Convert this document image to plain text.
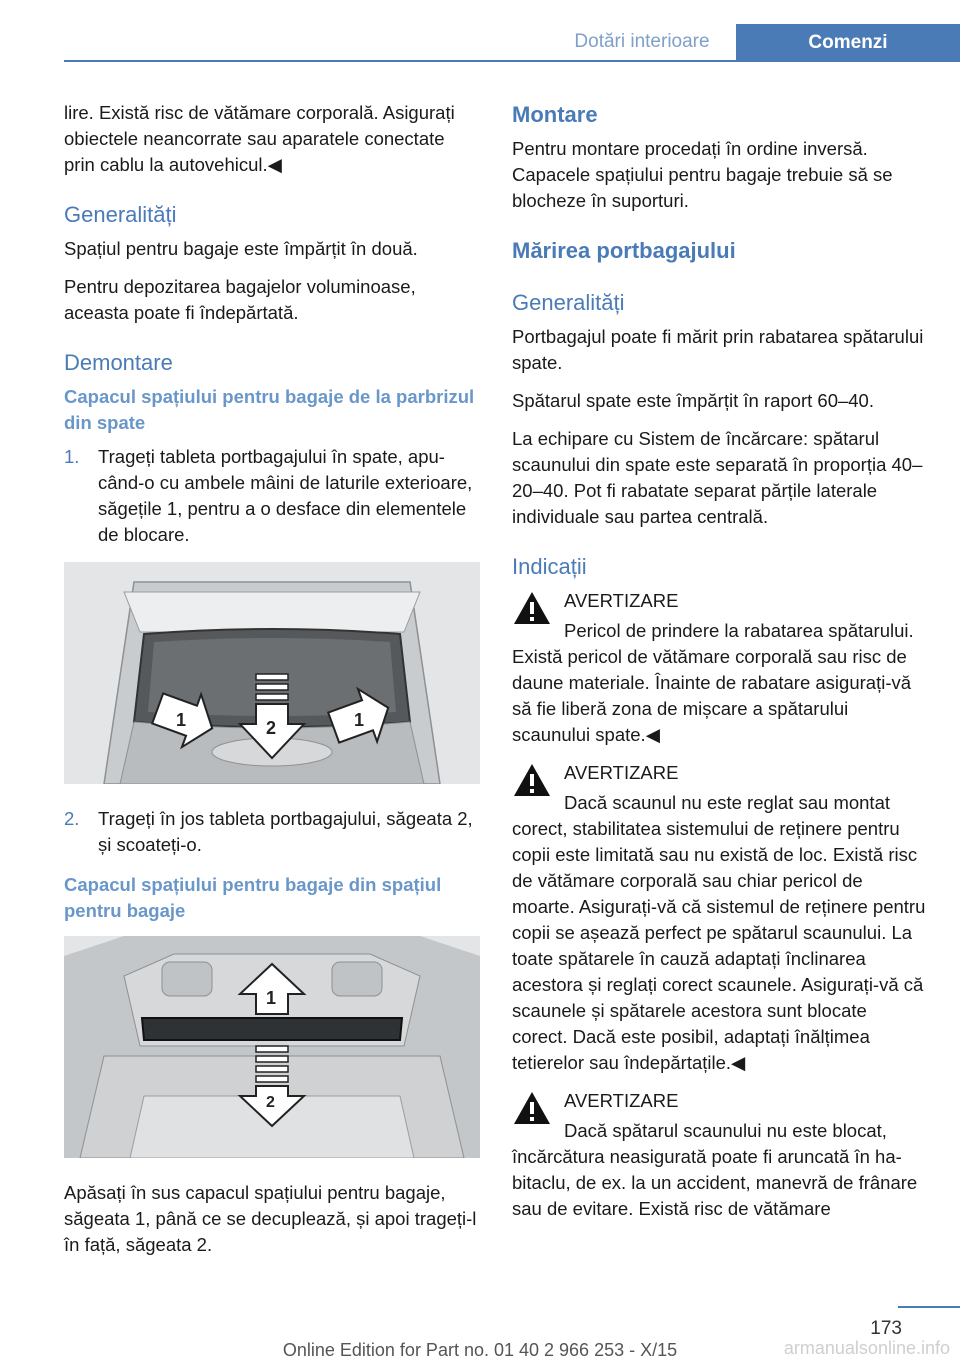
Dotări interioare	Comenzi

lire. Există risc de vătămare corporală. Asigurați obiectele neancorrate sau aparatele conectate prin cablu la autovehicul.◀

Generalități

Spațiul pentru bagaje este împărțit în două.

Pentru depozitarea bagajelor voluminoase, aceasta poate fi îndepărtată.

Demontare
Capacul spațiului pentru bagaje de la parbrizul din spate
1.	Trageți tableta portbagajului în spate, apucând-o cu ambele mâini de laturile exterioare, săgețile 1, pentru a o desface din elementele de blocare.
1	2	1
2.	Trageți în jos tableta portbagajului, săgeata 2, și scoateți-o.
Capacul spațiului pentru bagaje din spațiul pentru bagaje
1
2

Apăsați în sus capacul spațiului pentru bagaje, săgeata 1, până ce se decuplează, și apoi trageți-l în față, săgeata 2.

Montare

Pentru montare procedați în ordine inversă. Capacele spațiului pentru bagaje trebuie să se blocheze în suporturi.

Mărirea portbagajului
Generalități

Portbagajul poate fi mărit prin rabatarea spătarului spate.

Spătarul spate este împărțit în raport 60–40.

La echipare cu Sistem de încărcare: spătarul scaunului din spate este separată în proporția 40–20–40. Pot fi rabatate separat părțile laterale individuale sau partea centrală.

Indicații
AVERTIZARE

Pericol de prindere la rabatarea spătarului. Există pericol de vătămare corporală sau risc de daune materiale. Înainte de rabatare asigurați-vă să fie liberă zona de mișcare a spătarului scaunului spate.◀

AVERTIZARE

Dacă scaunul nu este reglat sau montat corect, stabilitatea sistemului de reținere pentru copii este limitată sau nu există de loc. Există risc de vătămare corporală sau chiar pericol de moarte. Asigurați-vă că sistemul de reținere pentru copii se așează perfect pe spătarul scaunului. La toate spătarele în cauză adaptați înclinarea acestora și reglați corect scaunele. Asigurați-vă că scaunele și spătarele acestora sunt blocate corect. Dacă este posibil, adaptați înălțimea tetierelor sau îndepărtațile.◀

AVERTIZARE

Dacă spătarul scaunului nu este blocat, încărcătura neasigurată poate fi aruncată în habitaclu, de ex. la un accident, manevră de frânare sau de evitare. Există risc de vătămare

173
Online Edition for Part no. 01 40 2 966 253 - X/15	armanualsonline.info
